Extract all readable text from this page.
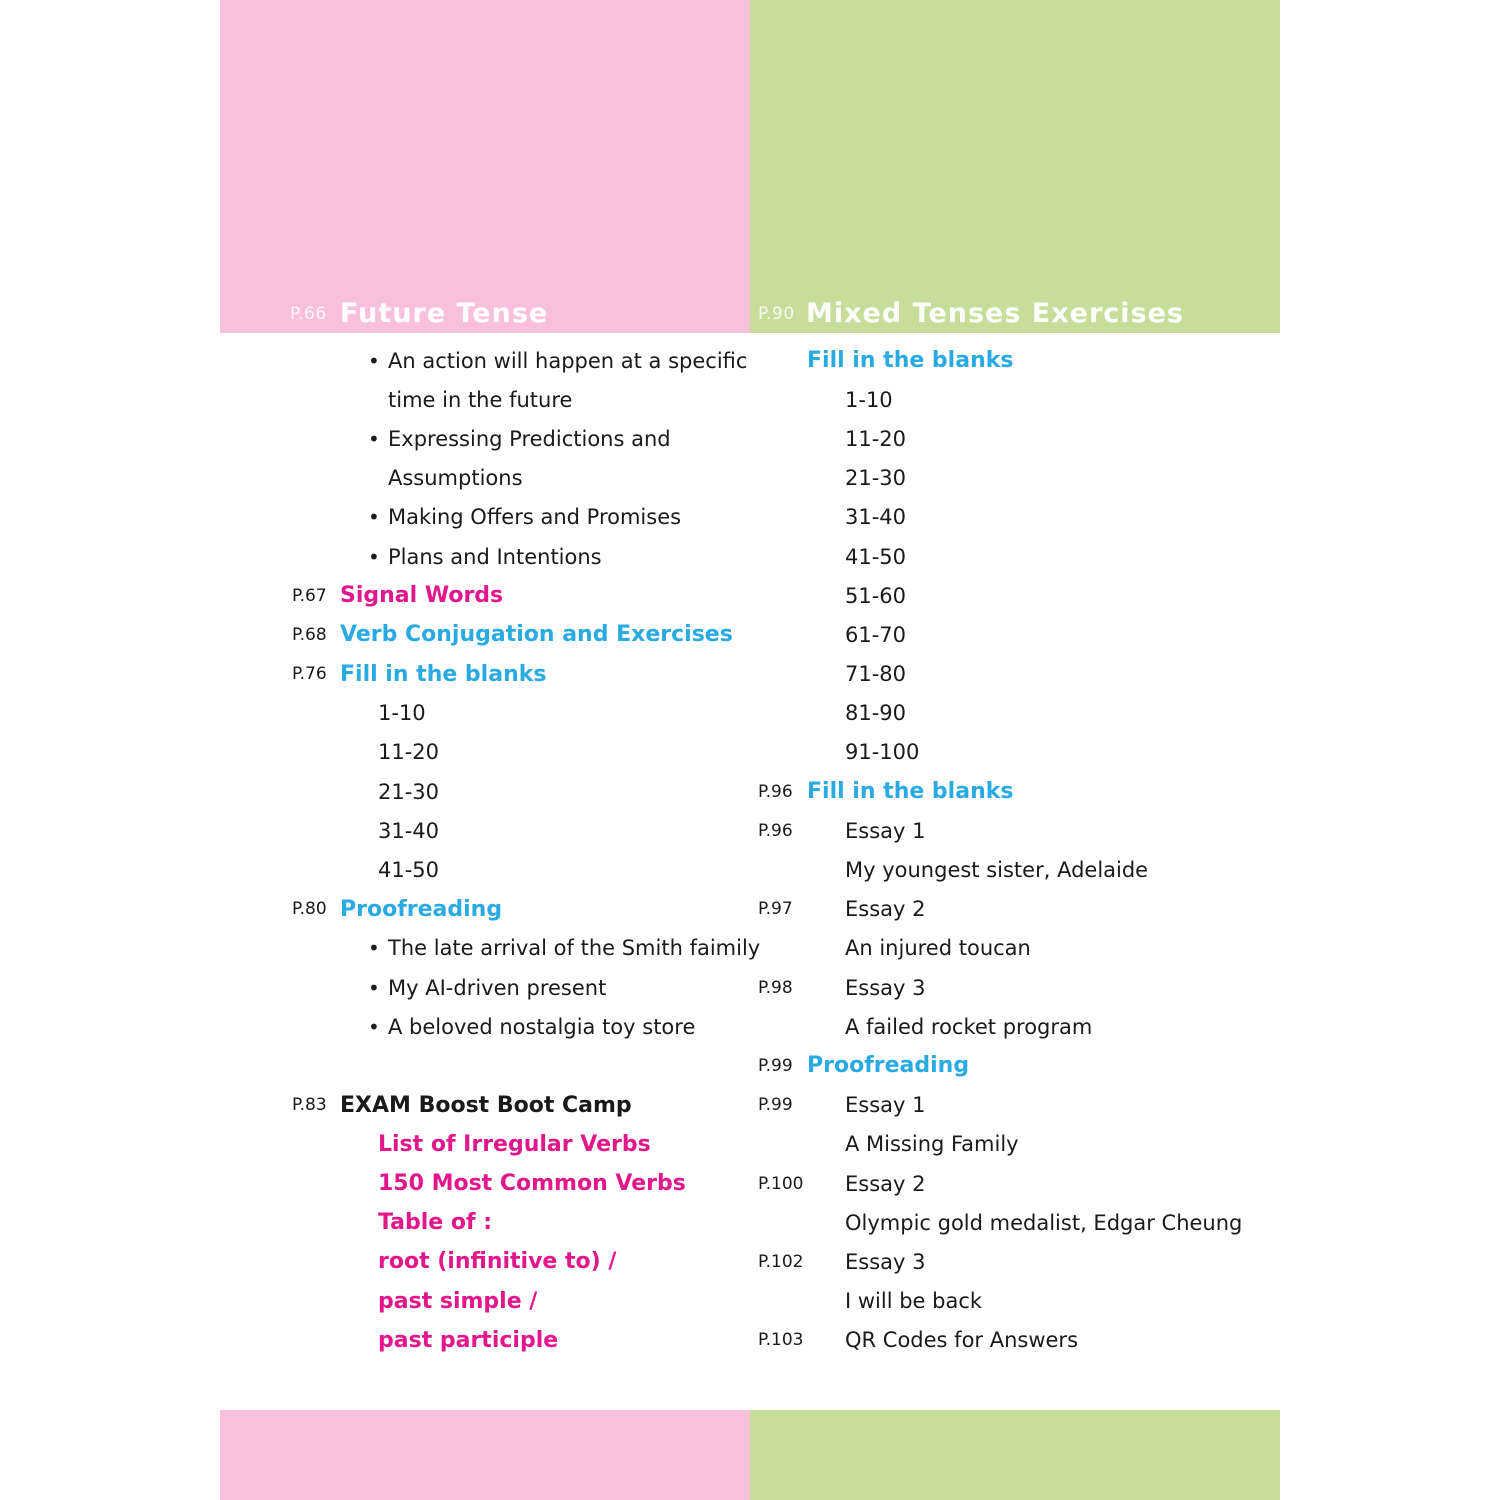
P.66 Future Tense	P.90 Mixed Tenses Exercises
• An action will happen at a specific
time in the future
• Expressing Predictions and
Assumptions
• Making Offers and Promises
• Plans and Intentions
P.67 Signal Words
P.68 Verb Conjugation and Exercises
P.76 Fill in the blanks
1-10
11-20
21-30
31-40
41-50
P.80 Proofreading
• The late arrival of the Smith faimily
• My AI-driven present
• A beloved nostalgia toy store
P.83 EXAM Boost Boot Camp
List of Irregular Verbs
150 Most Common Verbs
Table of :
root (infinitive to) /
past simple /
past participle
Fill in the blanks
1-10
11-20
21-30
31-40
41-50
51-60
61-70
71-80
81-90
91-100
P.96 Fill in the blanks
P.96	Essay 1
My youngest sister, Adelaide
P.97	Essay 2
An injured toucan
P.98	Essay 3
A failed rocket program
P.99 Proofreading
P.99	Essay 1
A Missing Family
P.100 Essay 2
Olympic gold medalist, Edgar Cheung
P.102 Essay 3
I will be back
P.103 QR Codes for Answers
